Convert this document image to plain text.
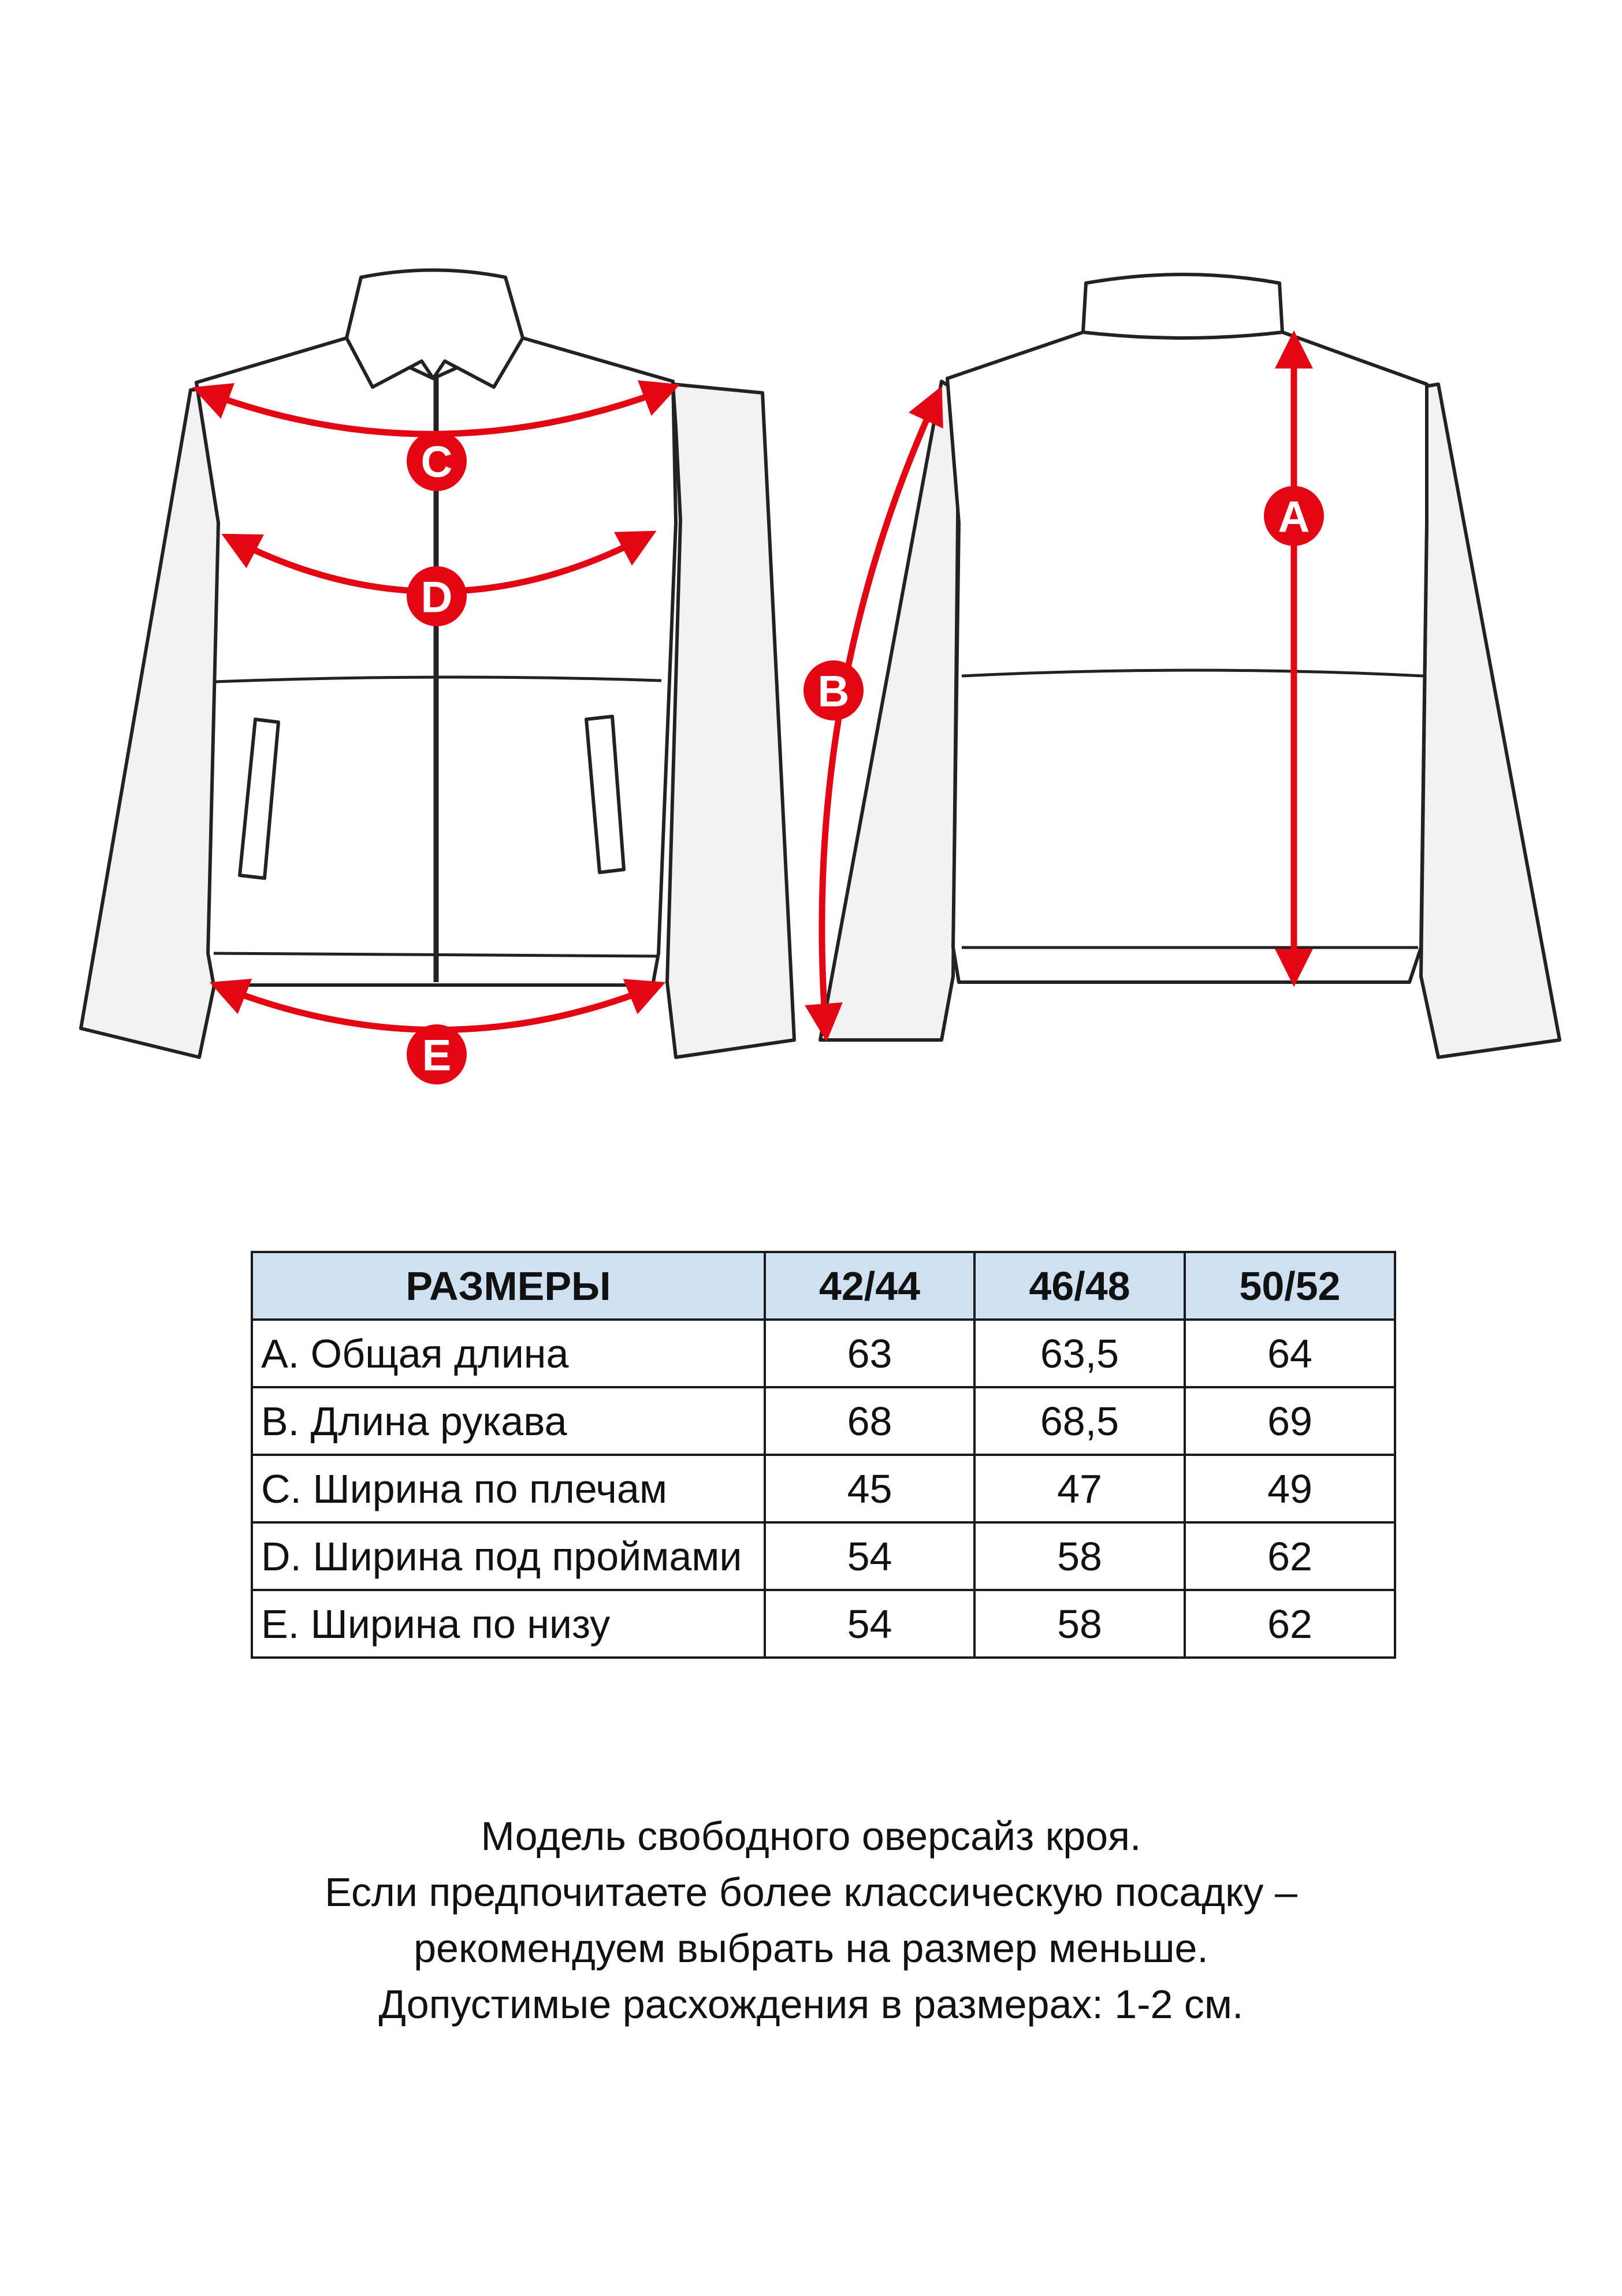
C
D
E
B
A
РАЗМЕРЫ	42/44	46/48	50/52
A. Общая длина	63	63,5	64
B. Длина рукава	68	68,5	69
C. Ширина по плечам	45	47	49
D. Ширина под проймами	54	58	62
E. Ширина по низу	54	58	62
Модель свободного оверсайз кроя.
Если предпочитаете более классическую посадку –
рекомендуем выбрать на размер меньше.
Допустимые расхождения в размерах: 1-2 см.
